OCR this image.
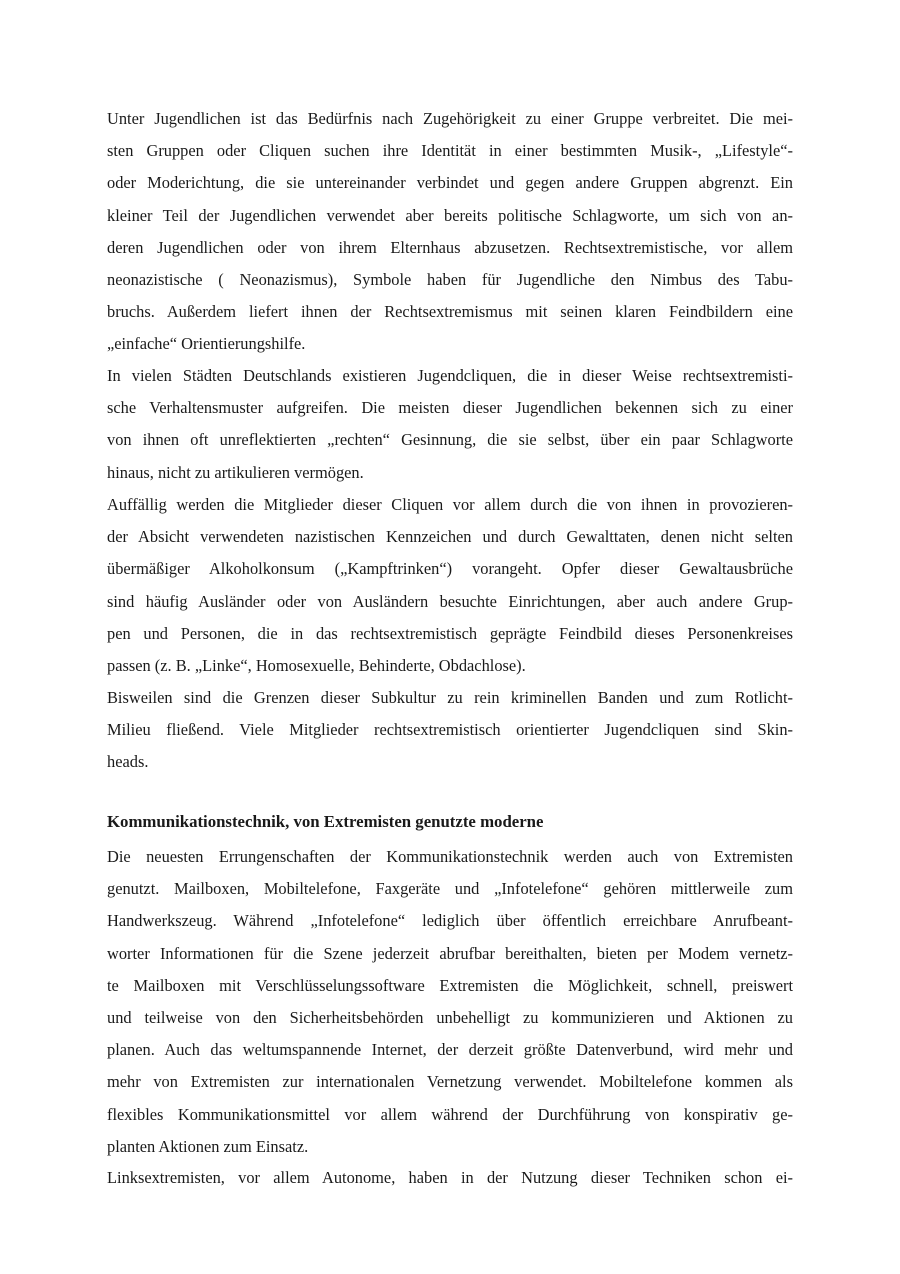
Unter Jugendlichen ist das Bedürfnis nach Zugehörigkeit zu einer Gruppe verbreitet. Die mei-
sten Gruppen oder Cliquen suchen ihre Identität in einer bestimmten Musik-, „Lifestyle“-
oder Moderichtung, die sie untereinander verbindet und gegen andere Gruppen abgrenzt. Ein
kleiner Teil der Jugendlichen verwendet aber bereits politische Schlagworte, um sich von an-
deren Jugendlichen oder von ihrem Elternhaus abzusetzen. Rechtsextremistische, vor allem
neonazistische ( Neonazismus), Symbole haben für Jugendliche den Nimbus des Tabu-
bruchs. Außerdem liefert ihnen der Rechtsextremismus mit seinen klaren Feindbildern eine
„einfache“ Orientierungshilfe.
In vielen Städten Deutschlands existieren Jugendcliquen, die in dieser Weise rechtsextremisti-
sche Verhaltensmuster aufgreifen. Die meisten dieser Jugendlichen bekennen sich zu einer
von ihnen oft unreflektierten „rechten“ Gesinnung, die sie selbst, über ein paar Schlagworte
hinaus, nicht zu artikulieren vermögen.
Auffällig werden die Mitglieder dieser Cliquen vor allem durch die von ihnen in provozieren-
der Absicht verwendeten nazistischen Kennzeichen und durch Gewalttaten, denen nicht selten
übermäßiger Alkoholkonsum („Kampftrinken“) vorangeht. Opfer dieser Gewaltausbrüche
sind häufig Ausländer oder von Ausländern besuchte Einrichtungen, aber auch andere Grup-
pen und Personen, die in das rechtsextremistisch geprägte Feindbild dieses Personenkreises
passen (z. B. „Linke“, Homosexuelle, Behinderte, Obdachlose).
Bisweilen sind die Grenzen dieser Subkultur zu rein kriminellen Banden und zum Rotlicht-
Milieu fließend. Viele Mitglieder rechtsextremistisch orientierter Jugendcliquen sind Skin-
heads.
Kommunikationstechnik, von Extremisten genutzte moderne
Die neuesten Errungenschaften der Kommunikationstechnik werden auch von Extremisten
genutzt. Mailboxen, Mobiltelefone, Faxgeräte und „Infotelefone“ gehören mittlerweile zum
Handwerkszeug. Während „Infotelefone“ lediglich über öffentlich erreichbare Anrufbeant-
worter Informationen für die Szene jederzeit abrufbar bereithalten, bieten per Modem vernetz-
te Mailboxen mit Verschlüsselungssoftware Extremisten die Möglichkeit, schnell, preiswert
und teilweise von den Sicherheitsbehörden unbehelligt zu kommunizieren und Aktionen zu
planen. Auch das weltumspannende Internet, der derzeit größte Datenverbund, wird mehr und
mehr von Extremisten zur internationalen Vernetzung verwendet. Mobiltelefone kommen als
flexibles Kommunikationsmittel vor allem während der Durchführung von konspirativ ge-
planten Aktionen zum Einsatz.
Linksextremisten, vor allem Autonome, haben in der Nutzung dieser Techniken schon ei-
